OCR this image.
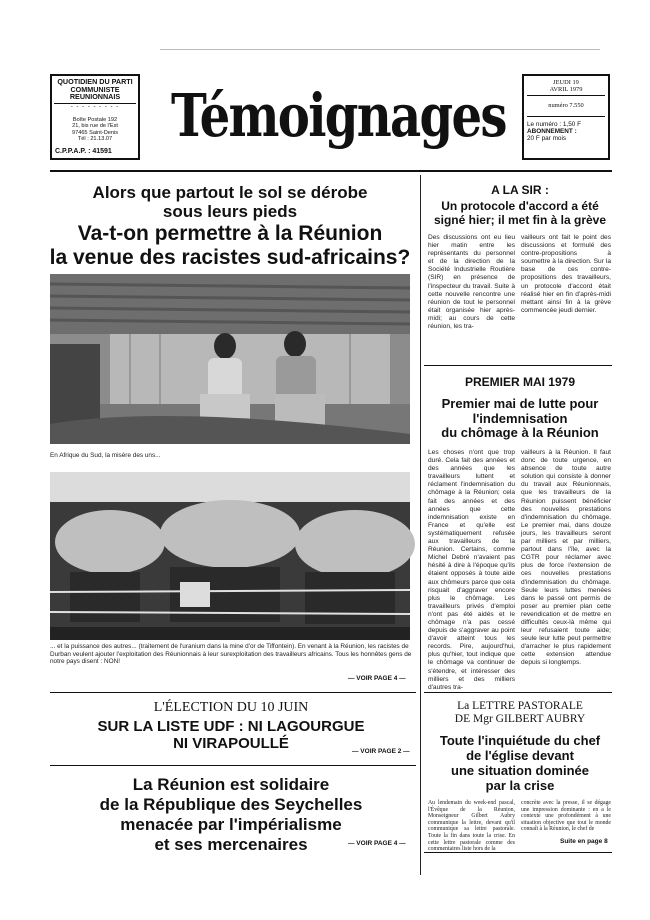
QUOTIDIEN DU PARTI
COMMUNISTE
REUNIONNAIS
- - - - - - - - -
Boîte Postale 192
21, bis rue de l'Est
97465 Saint-Denis
Tél : 21.13.07
C.P.P.A.P. : 41591
Témoignages	JEUDI 19
AVRIL 1979
numéro 7.550
Le numéro : 1,50 F
ABONNEMENT :
20 F par mois
Alors que partout le sol se dérobe
sous leurs pieds
Va-t-on permettre à la Réunion
la venue des racistes sud-africains?
En Afrique du Sud, la misère des uns...
... et la puissance des autres... (traitement de l'uranium dans la mine d'or de Tiffontein). En venant à la Réunion, les racistes de Durban veulent ajouter l'exploitation des Réunionnais à leur surexploitation des travailleurs africains. Tous les honnêtes gens de notre pays disent : NON!
— VOIR PAGE 4 —
A LA SIR :
Un protocole d'accord a été
signé hier; il met fin à la grève
Des discussions ont eu lieu hier matin entre les représentants du personnel et de la direction de la Société Industrielle Routière (SIR) en présence de l'inspecteur du travail. Suite à cette nouvelle rencontre une réunion de tout le personnel était organisée hier après-midi; au cours de cette réunion, les tra-
vailleurs ont fait le point des discussions et formulé des contre-propositions à soumettre à la direction. Sur la base de ces contre-propositions des travailleurs, un protocole d'accord était réalisé hier en fin d'après-midi mettant ainsi fin à la grève commencée jeudi dernier.
PREMIER MAI 1979
Premier mai de lutte pour
l'indemnisation
du chômage à la Réunion
Les choses n'ont que trop duré. Cela fait des années et des années que les travailleurs luttent et réclament l'indemnisation du chômage à la Réunion; cela fait des années et des années que cette indemnisation existe en France et qu'elle est systématiquement refusée aux travailleurs de la Réunion. Certains, comme Michel Debré n'avaient pas hésité à dire à l'époque qu'ils étaient opposés à toute aide aux chômeurs parce que cela risquait d'aggraver encore plus le chômage. Les travailleurs privés d'emploi n'ont pas été aidés et le chômage n'a pas cessé depuis de s'aggraver au point d'avoir atteint tous les records. Pire, aujourd'hui, plus qu'hier, tout indique que le chômage va continuer de s'étendre, et intéresser des milliers et des milliers d'autres tra-
vailleurs à la Réunion. Il faut donc de toute urgence, en absence de toute autre solution qui consiste à donner du travail aux Réunionnais, que les travailleurs de la Réunion puissent bénéficier des nouvelles prestations d'indemnisation du chômage. Le premier mai, dans douze jours, les travailleurs seront par milliers et par milliers, partout dans l'île, avec la CGTR pour réclamer avec plus de force l'extension de ces nouvelles prestations d'indemnisation du chômage. Seule leurs luttes menées dans le passé ont permis de poser au premier plan cette revendication et de mettre en difficultés ceux-là même qui leur refusaient toute aide; seule leur lutte peut permettre d'arracher le plus rapidement cette extension attendue depuis si longtemps.
L'ÉLECTION DU 10 JUIN
SUR LA LISTE UDF : NI LAGOURGUE
NI VIRAPOULLÉ	— VOIR PAGE 2 —
La Réunion est solidaire
de la République des Seychelles
menacée par l'impérialisme
et ses mercenaires	— VOIR PAGE 4 —
La LETTRE PASTORALE
DE Mgr GILBERT AUBRY
Toute l'inquiétude du chef
de l'église devant
une situation dominée
par la crise
Au lendemain du week-end pascal, l'Évêque de la Réunion, Monseigneur Gilbert Aubry communique la lettre, devant qu'il communique sa lettre pastorale. Toute la fin dans toute la crise. En cette lettre pastorale comme des commentaires liste hors de la
concrète avec la presse, il se dégage une impression dominante : en a le contexte une profondément à une situation objective que tout le monde connaît à la Réunion, le chef de
Suite en page 8
